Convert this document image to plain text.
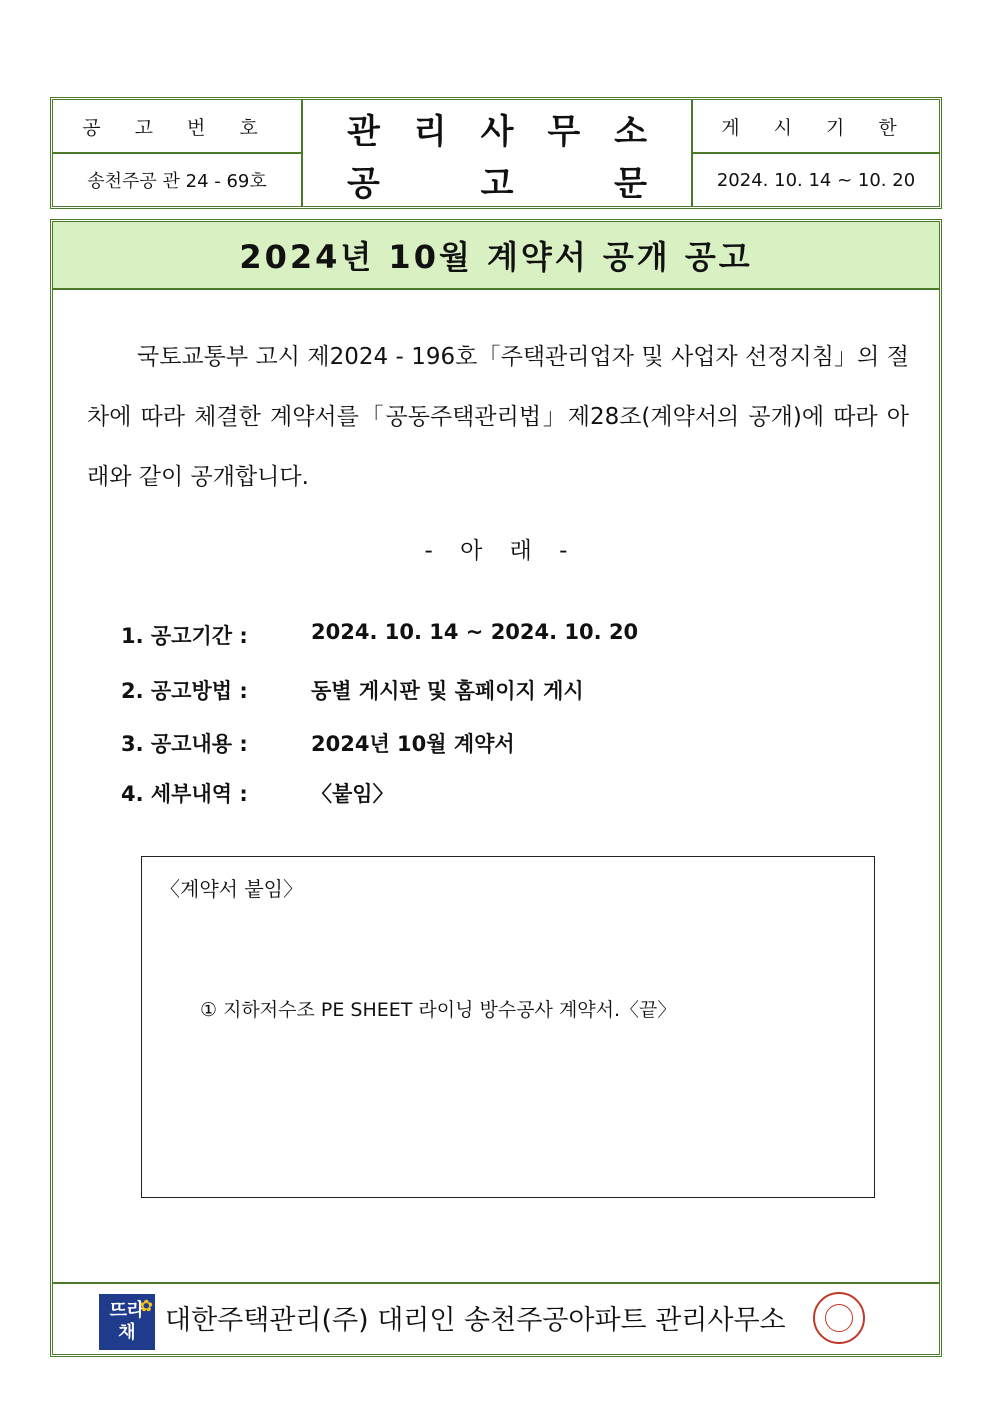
공 고 번 호
송천주공 관 24 - 69호
관 리 사 무 소
공	고	문
게 시 기 한
2024. 10. 14 ~ 10. 20
2024년 10월 계약서 공개 공고
국토교통부 고시 제2024 - 196호「주택관리업자 및 사업자 선정지침」의 절차에 따라 체결한 계약서를「공동주택관리법」제28조(계약서의 공개)에 따라 아래와 같이 공개합니다.
- 아 래 -
1. 공고기간 :	2024. 10. 14 ~ 2024. 10. 20
2. 공고방법 :	동별 게시판 및 홈페이지 게시
3. 공고내용 :	2024년 10월 계약서
4. 세부내역 :	〈붙임〉
〈계약서 붙임〉
① 지하저수조 PE SHEET 라이닝 방수공사 계약서.〈끝〉
✿
뜨라채	대한주택관리(주) 대리인 송천주공아파트 관리사무소
